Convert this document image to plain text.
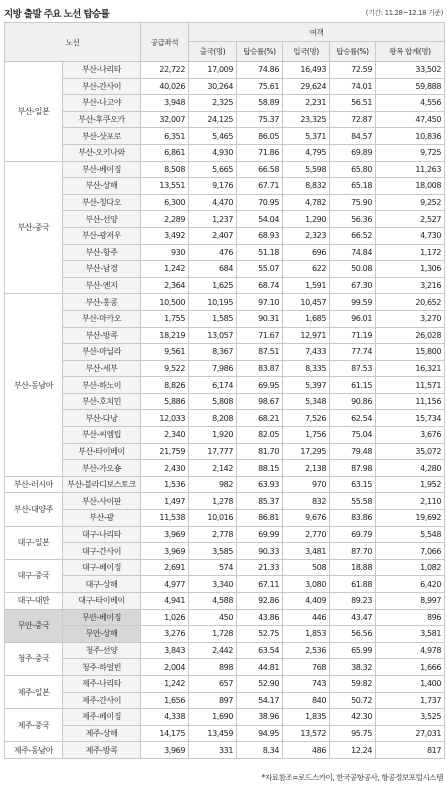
지방 출발 주요 노선 탑승률	(기간: 11.28~12.18 기준)
노선		공급좌석	여객				
			출국(명)	탑승률(%)	입국(명)	탑승률(%)	왕복 합계(명)
부산-일본	부산-나리타	22,722	17,009	74.86	16,493	72.59	33,502
	부산-간사이	40,026	30,264	75.61	29,624	74.01	59,888
	부산-나고야	3,948	2,325	58.89	2,231	56.51	4,556
	부산-후쿠오카	32,007	24,125	75.37	23,325	72.87	47,450
	부산-삿포로	6,351	5,465	86.05	5,371	84.57	10,836
	부산-오키나와	6,861	4,930	71.86	4,795	69.89	9,725
부산-중국	부산-베이징	8,508	5,665	66.58	5,598	65.80	11,263
	부산-상해	13,551	9,176	67.71	8,832	65.18	18,008
	부산-칭다오	6,300	4,470	70.95	4,782	75.90	9,252
	부산-선양	2,289	1,237	54.04	1,290	56.36	2,527
	부산-광저우	3,492	2,407	68.93	2,323	66.52	4,730
	부산-항주	930	476	51.18	696	74.84	1,172
	부산-남경	1,242	684	55.07	622	50.08	1,306
	부산-옌지	2,364	1,625	68.74	1,591	67.30	3,216
부산-동남아	부산-홍콩	10,500	10,195	97.10	10,457	99.59	20,652
	부산-마카오	1,755	1,585	90.31	1,685	96.01	3,270
	부산-방콕	18,219	13,057	71.67	12,971	71.19	26,028
	부산-마닐라	9,561	8,367	87.51	7,433	77.74	15,800
	부산-세부	9,522	7,986	83.87	8,335	87.53	16,321
	부산-하노이	8,826	6,174	69.95	5,397	61.15	11,571
	부산-호치민	5,886	5,808	98.67	5,348	90.86	11,156
	부산-다낭	12,033	8,208	68.21	7,526	62.54	15,734
	부산-씨엠립	2,340	1,920	82.05	1,756	75.04	3,676
	부산-타이베이	21,759	17,777	81.70	17,295	79.48	35,072
	부산-가오숑	2,430	2,142	88.15	2,138	87.98	4,280
부산-러시아	부산-블라디보스토크	1,536	982	63.93	970	63.15	1,952
부산-대양주	부산-사이판	1,497	1,278	85.37	832	55.58	2,110
	부산-괌	11,538	10,016	86.81	9,676	83.86	19,692
대구-일본	대구-나리타	3,969	2,778	69.99	2,770	69.79	5,548
	대구-간사이	3,969	3,585	90.33	3,481	87.70	7,066
대구-중국	대구-베이징	2,691	574	21.33	508	18.88	1,082
	대구-상해	4,977	3,340	67.11	3,080	61.88	6,420
대구-대만	대구-타이베이	4,941	4,588	92.86	4,409	89.23	8,997
무안-중국	무안-베이징	1,026	450	43.86	446	43.47	896
	무안-상해	3,276	1,728	52.75	1,853	56.56	3,581
청주-중국	청주-선양	3,843	2,442	63.54	2,536	65.99	4,978
	청주-하얼빈	2,004	898	44.81	768	38.32	1,666
제주-일본	제주-나리타	1,242	657	52.90	743	59.82	1,400
	제주-간사이	1,656	897	54.17	840	50.72	1,737
제주-중국	제주-베이징	4,338	1,690	38.96	1,835	42.30	3,525
	제주-상해	14,175	13,459	94.95	13,572	95.75	27,031
제주-동남아	제주-방콕	3,969	331	8.34	486	12.24	817
*자료참조=로드스카이, 한국공항공사, 항공정보포털시스템
